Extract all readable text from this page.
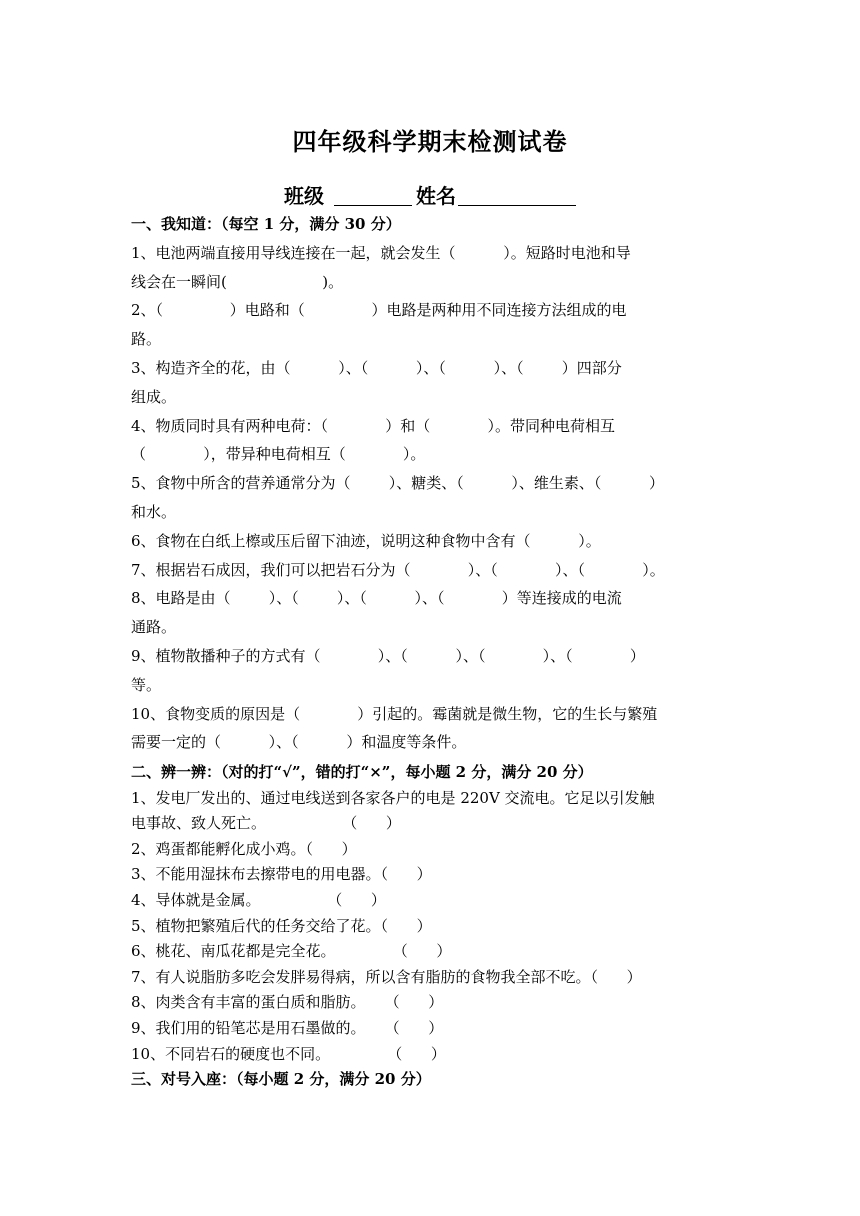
四年级科学期末检测试卷
班级	姓名
一、我知道：（每空 1 分，满分 30 分）
1、电池两端直接用导线连接在一起，就会发生（          ）。短路时电池和导
线会在一瞬间(                    )。
2、（              ）电路和（              ）电路是两种用不同连接方法组成的电
路。
3、构造齐全的花，由（          ）、（          ）、（          ）、（        ）四部分
组成。
4、物质同时具有两种电荷：（            ）和（            ）。带同种电荷相互
（            ），带异种电荷相互（            ）。
5、食物中所含的营养通常分为（        ）、糖类、（          ）、维生素、（          ）
和水。
6、食物在白纸上檫或压后留下油迹，说明这种食物中含有（          ）。
7、根据岩石成因，我们可以把岩石分为（            ）、（            ）、（            ）。
8、电路是由（        ）、（        ）、（          ）、（            ）等连接成的电流
通路。
9、植物散播种子的方式有（            ）、（          ）、（            ）、（            ）
等。
10、食物变质的原因是（            ）引起的。霉菌就是微生物，它的生长与繁殖
需要一定的（          ）、（          ）和温度等条件。
二、辨一辨：（对的打“√”，错的打“×”，每小题 2 分，满分 20 分）
1、发电厂发出的、通过电线送到各家各户的电是 220V 交流电。它足以引发触
电事故、致人死亡。                （      ）
2、鸡蛋都能孵化成小鸡。（      ）
3、不能用湿抹布去擦带电的用电器。（      ）
4、导体就是金属。              （      ）
5、植物把繁殖后代的任务交给了花。（      ）
6、桃花、南瓜花都是完全花。            （      ）
7、有人说脂肪多吃会发胖易得病，所以含有脂肪的食物我全部不吃。（      ）
8、肉类含有丰富的蛋白质和脂肪。    （      ）
9、我们用的铅笔芯是用石墨做的。    （      ）
10、不同岩石的硬度也不同。            （      ）
三、对号入座：（每小题 2 分，满分 20 分）
